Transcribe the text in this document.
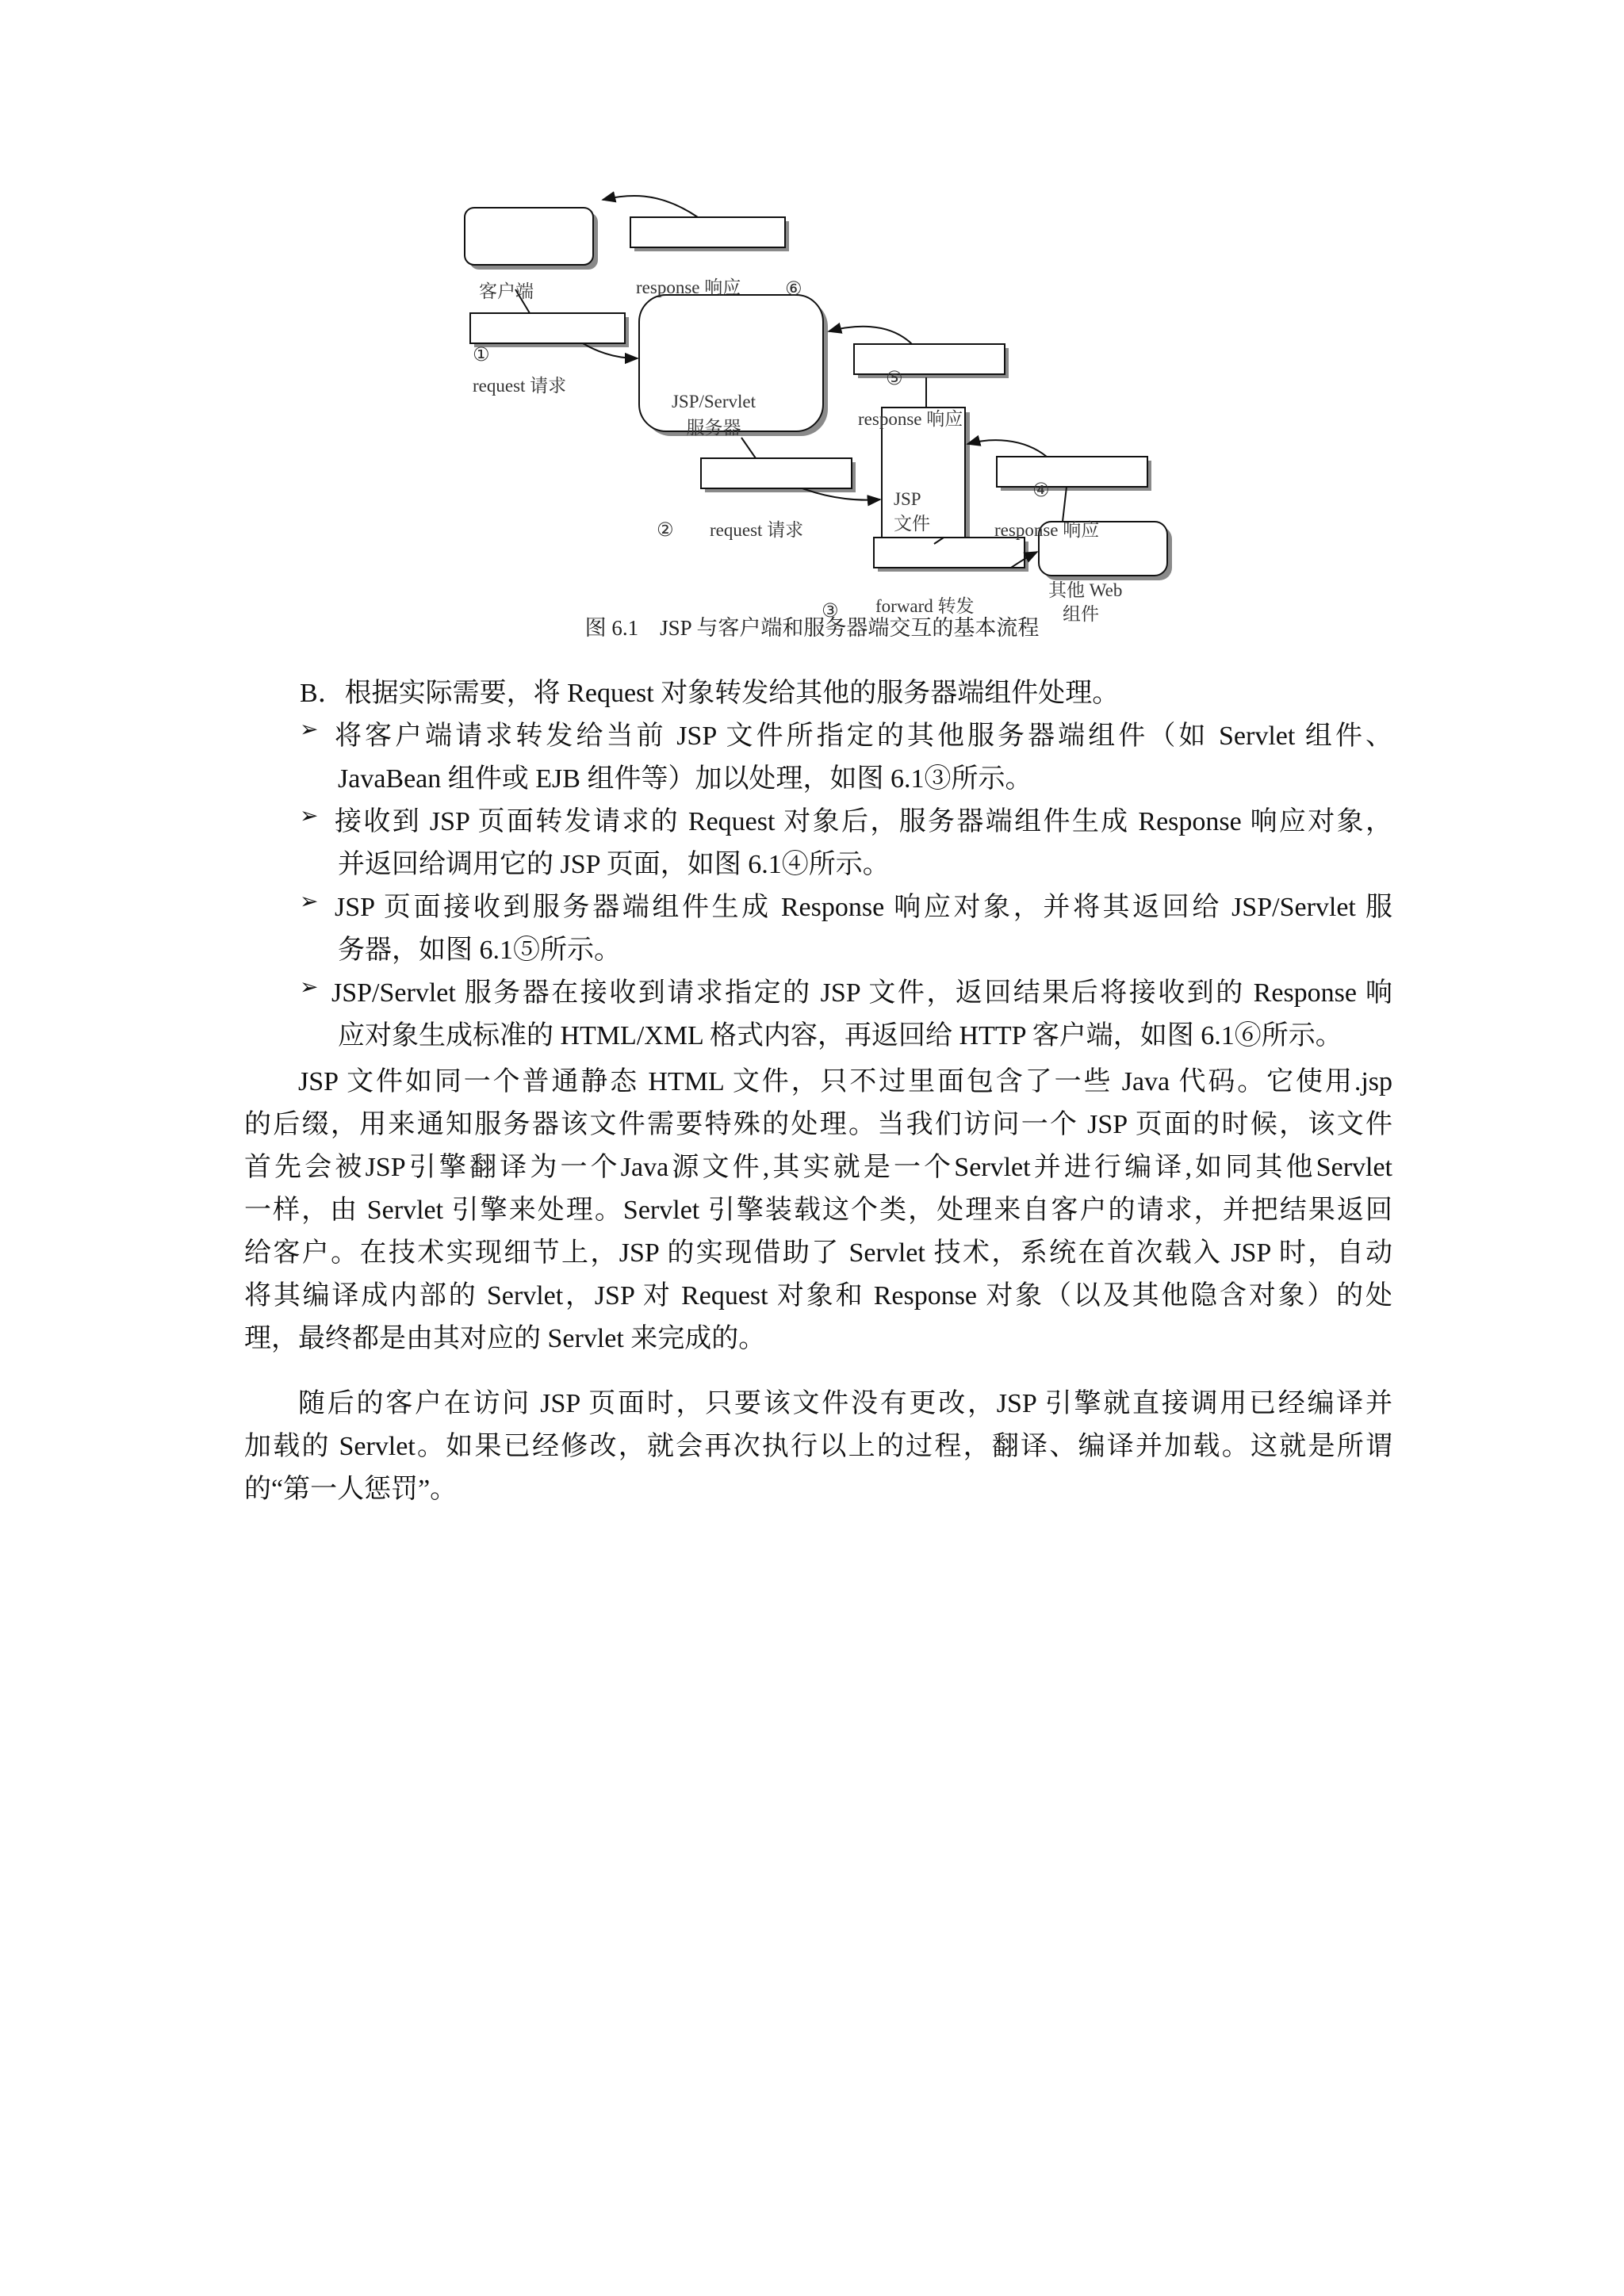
客户端	response 响应 ⑥
①
request 请求
JSP/Servlet
服务器
⑤
response 响应
④
② request 请求
JSP
文件	response 响应
其他 Web
组件
③ forward 转发
图 6.1    JSP 与客户端和服务器端交互的基本流程
B．根据实际需要，将 Request 对象转发给其他的服务器端组件处理。
➢ 将客户端请求转发给当前 JSP 文件所指定的其他服务器端组件（如 Servlet 组件、
JavaBean 组件或 EJB 组件等）加以处理，如图 6.1③所示。
➢ 接收到 JSP 页面转发请求的 Request 对象后，服务器端组件生成 Response 响应对象，
并返回给调用它的 JSP 页面，如图 6.1④所示。
➢ JSP 页面接收到服务器端组件生成 Response 响应对象，并将其返回给 JSP/Servlet 服
务器，如图 6.1⑤所示。
➢ JSP/Servlet 服务器在接收到请求指定的 JSP 文件，返回结果后将接收到的 Response 响
应对象生成标准的 HTML/XML 格式内容，再返回给 HTTP 客户端，如图 6.1⑥所示。
JSP 文件如同一个普通静态 HTML 文件，只不过里面包含了一些 Java 代码。它使用.jsp
的后缀，用来通知服务器该文件需要特殊的处理。当我们访问一个 JSP 页面的时候，该文件
首先会被JSP引擎翻译为一个Java源文件,其实就是一个Servlet并进行编译,如同其他Servlet
一样，由 Servlet 引擎来处理。Servlet 引擎装载这个类，处理来自客户的请求，并把结果返回
给客户。在技术实现细节上，JSP 的实现借助了 Servlet 技术，系统在首次载入 JSP 时，自动
将其编译成内部的 Servlet，JSP 对 Request 对象和 Response 对象（以及其他隐含对象）的处
理，最终都是由其对应的 Servlet 来完成的。
随后的客户在访问 JSP 页面时，只要该文件没有更改，JSP 引擎就直接调用已经编译并
加载的 Servlet。如果已经修改，就会再次执行以上的过程，翻译、编译并加载。这就是所谓
的“第一人惩罚”。
